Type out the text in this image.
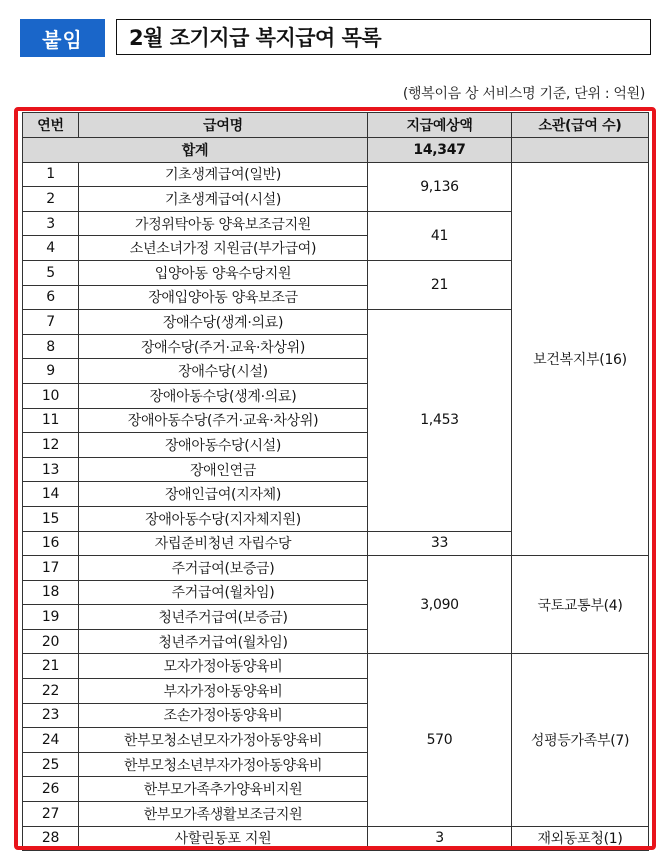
붙임	2월 조기지급 복지급여 목록
(행복이음 상 서비스명 기준, 단위 : 억원)
연번	급여명	지급예상액	소관(급여 수)
합계		14,347	
1	기초생계급여(일반)	9,136	보건복지부(16)
2	기초생계급여(시설)		
3	가정위탁아동 양육보조금지원	41	
4	소년소녀가정 지원금(부가급여)		
5	입양아동 양육수당지원	21	
6	장애입양아동 양육보조금		
7	장애수당(생계·의료)	1,453	
8	장애수당(주거·교육·차상위)		
9	장애수당(시설)		
10	장애아동수당(생계·의료)		
11	장애아동수당(주거·교육·차상위)		
12	장애아동수당(시설)		
13	장애인연금		
14	장애인급여(지자체)		
15	장애아동수당(지자체지원)		
16	자립준비청년 자립수당	33	
17	주거급여(보증금)	3,090	국토교통부(4)
18	주거급여(월차임)		
19	청년주거급여(보증금)		
20	청년주거급여(월차임)		
21	모자가정아동양육비	570	성평등가족부(7)
22	부자가정아동양육비		
23	조손가정아동양육비		
24	한부모청소년모자가정아동양육비		
25	한부모청소년부자가정아동양육비		
26	한부모가족추가양육비지원		
27	한부모가족생활보조금지원		
28	사할린동포 지원	3	재외동포청(1)
